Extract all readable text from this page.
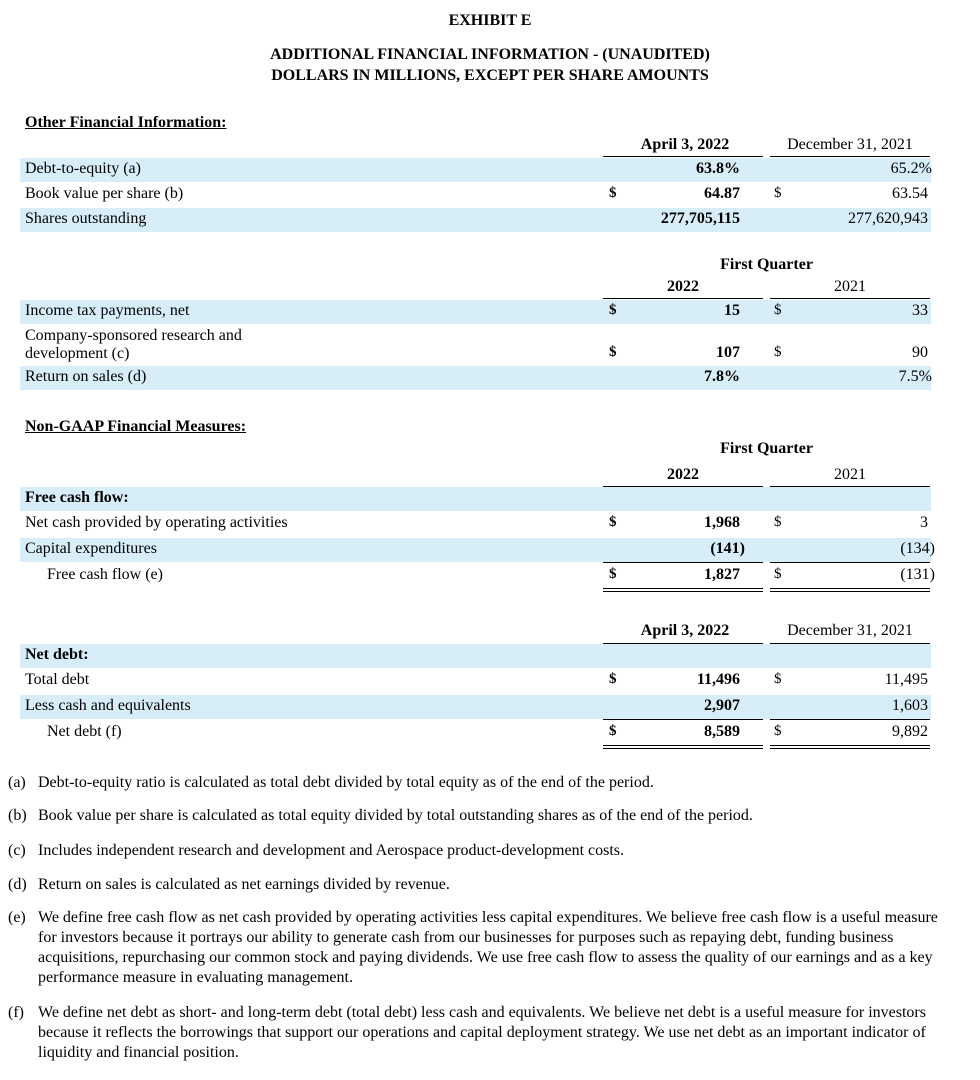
EXHIBIT E
ADDITIONAL FINANCIAL INFORMATION - (UNAUDITED)
DOLLARS IN MILLIONS, EXCEPT PER SHARE AMOUNTS
Other Financial Information:
April 3, 2022	December 31, 2021
Debt-to-equity (a)	63.8%	65.2%
Book value per share (b)	$	64.87 $	63.54
Shares outstanding	277,705,115	277,620,943
First Quarter
2022	2021
Income tax payments, net	$	15 $	33
Company-sponsored research and
development (c)	$	107 $	90
Return on sales (d)	7.8%	7.5%
Non-GAAP Financial Measures:
First Quarter
2022	2021
Free cash flow:
Net cash provided by operating activities	$	1,968 $	3
Capital expenditures	(141)	(134)
Free cash flow (e)	$	1,827 $	(131)
April 3, 2022	December 31, 2021
Net debt:
Total debt	$	11,496 $	11,495
Less cash and equivalents	2,907	1,603
Net debt (f)	$	8,589 $	9,892
(a) Debt-to-equity ratio is calculated as total debt divided by total equity as of the end of the period.
(b) Book value per share is calculated as total equity divided by total outstanding shares as of the end of the period.
(c) Includes independent research and development and Aerospace product-development costs.
(d) Return on sales is calculated as net earnings divided by revenue.
(e) We define free cash flow as net cash provided by operating activities less capital expenditures. We believe free cash flow is a useful measure for investors because it portrays our ability to generate cash from our businesses for purposes such as repaying debt, funding business acquisitions, repurchasing our common stock and paying dividends. We use free cash flow to assess the quality of our earnings and as a key performance measure in evaluating management.
(f) We define net debt as short- and long-term debt (total debt) less cash and equivalents. We believe net debt is a useful measure for investors because it reflects the borrowings that support our operations and capital deployment strategy. We use net debt as an important indicator of liquidity and financial position.
